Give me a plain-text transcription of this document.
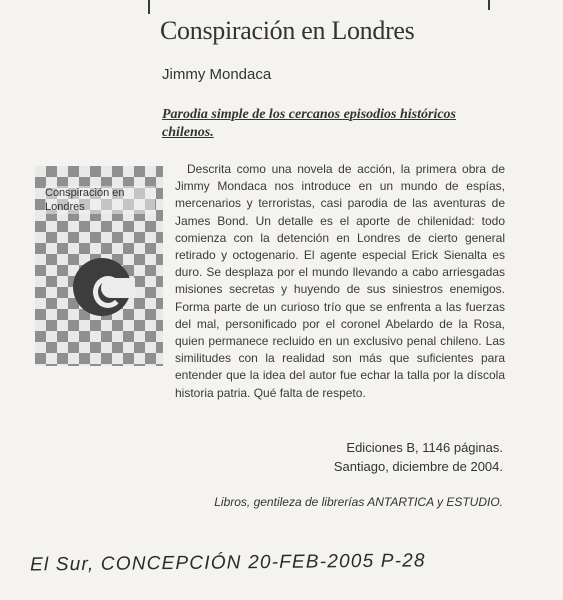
Conspiración en Londres
Jimmy Mondaca
Parodia simple de los cercanos episodios históricos chilenos.
Conspiración en Londres
Descrita como una novela de acción, la primera obra de Jimmy Mondaca nos introduce en un mundo de espías, mercenarios y terroristas, casi parodia de las aventuras de James Bond. Un detalle es el aporte de chilenidad: todo comienza con la detención en Londres de cierto general retirado y octogenario. El agente especial Erick Sienalta es duro. Se desplaza por el mundo llevando a cabo arriesgadas misiones secretas y huyendo de sus siniestros enemigos. Forma parte de un curioso trío que se enfrenta a las fuerzas del mal, personificado por el coronel Abelardo de la Rosa, quien permanece recluido en un exclusivo penal chileno. Las similitudes con la realidad son más que suficientes para entender que la idea del autor fue echar la talla por la díscola historia patria. Qué falta de respeto.
Ediciones B, 1146 páginas.
Santiago, diciembre de 2004.
Libros, gentileza de librerías ANTARTICA y ESTUDIO.
El Sur, CONCEPCIÓN 20-FEB-2005 P-28
